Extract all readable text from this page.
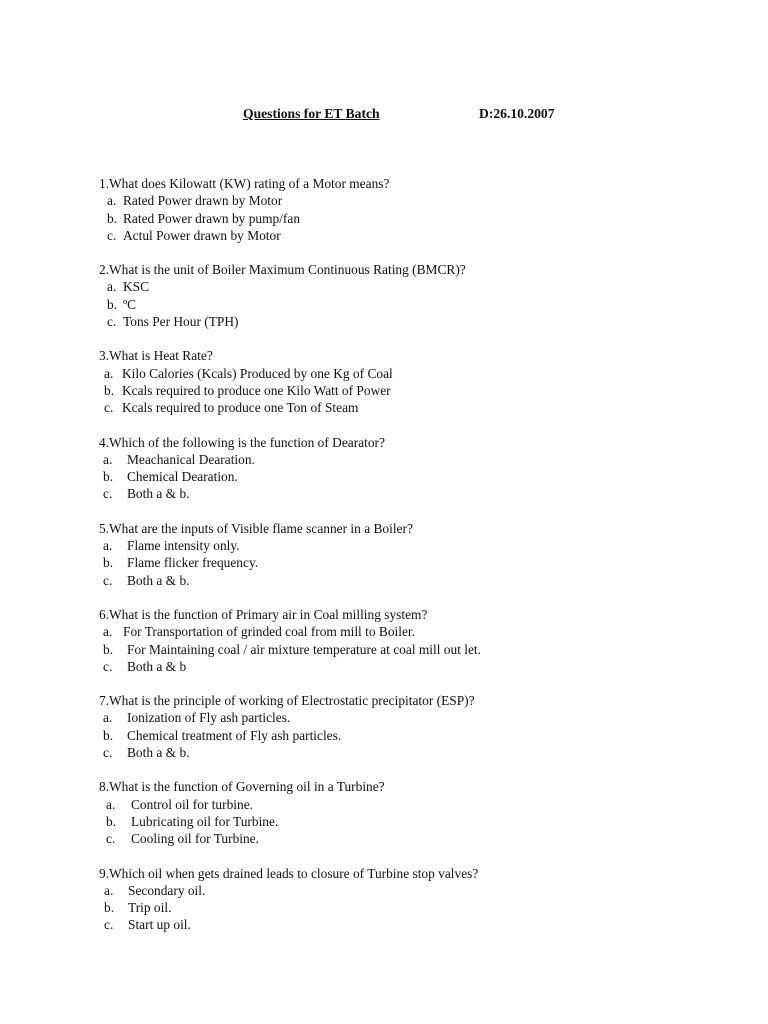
Questions for ET Batch	D:26.10.2007
1.What does Kilowatt (KW) rating of a Motor means?
a. Rated Power drawn by Motor
b. Rated Power drawn by pump/fan
c. Actul Power drawn by Motor
2.What is the unit of Boiler Maximum Continuous Rating (BMCR)?
a. KSC
b. ºC
c. Tons Per Hour (TPH)
3.What is Heat Rate?
a. Kilo Calories (Kcals) Produced by one Kg of Coal
b. Kcals required to produce one Kilo Watt of Power
c. Kcals required to produce one Ton of Steam
4.Which of the following is the function of Dearator?
a.	Meachanical Dearation.
b.	Chemical Dearation.
c.	Both a & b.
5.What are the inputs of Visible flame scanner in a Boiler?
a.	Flame intensity only.
b.	Flame flicker frequency.
c.	Both a & b.
6.What is the function of Primary air in Coal milling system?
a. For Transportation of grinded coal from mill to Boiler.
b.	For Maintaining coal / air mixture temperature at coal mill out let.
c.	Both a & b
7.What is the principle of working of Electrostatic precipitator (ESP)?
a.	Ionization of Fly ash particles.
b.	Chemical treatment of Fly ash particles.
c.	Both a & b.
8.What is the function of Governing oil in a Turbine?
a.	Control oil for turbine.
b.	Lubricating oil for Turbine.
c.	Cooling oil for Turbine.
9.Which oil when gets drained leads to closure of Turbine stop valves?
a.	Secondary oil.
b.	Trip oil.
c.	Start up oil.
